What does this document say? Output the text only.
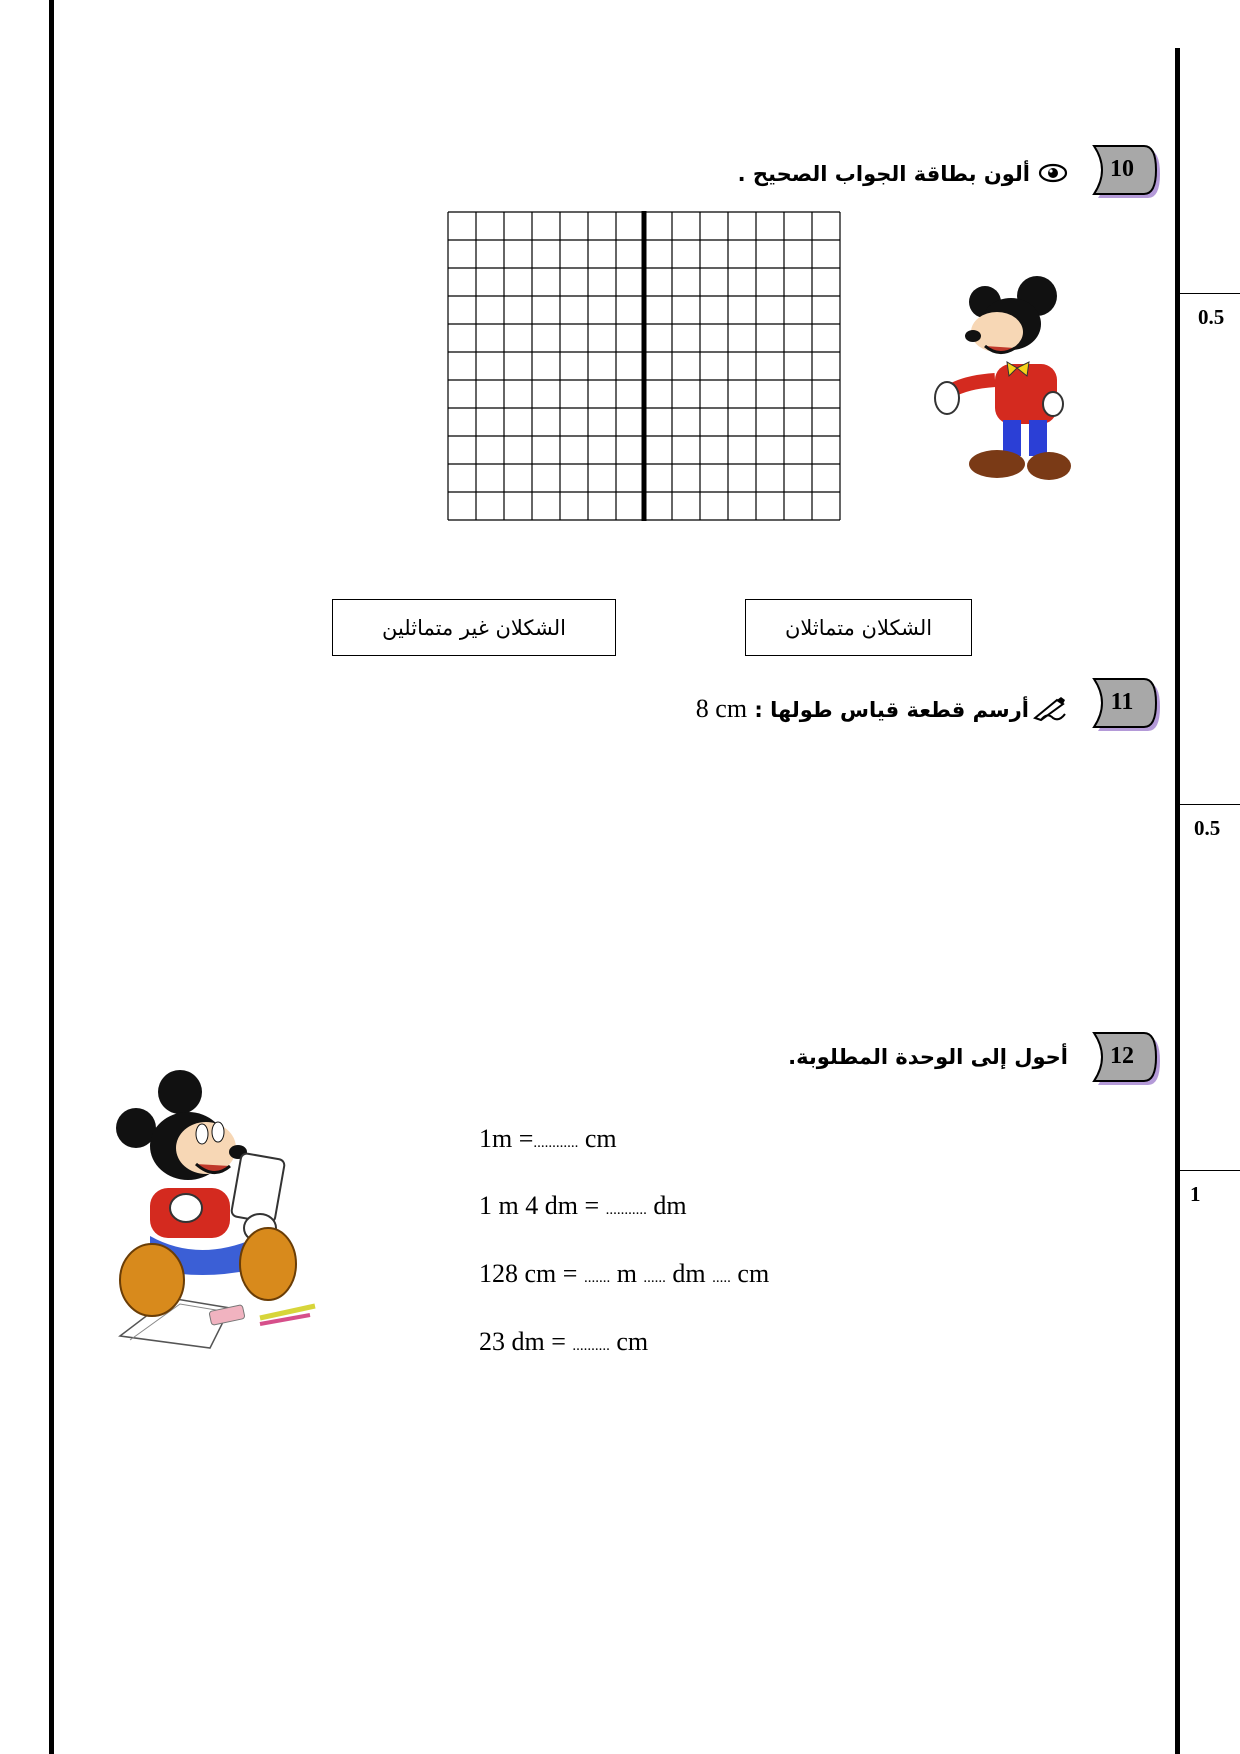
0.5
0.5
1
10
ألون بطاقة الجواب الصحيح .
الشكلان متماثلان
الشكلان غير متماثلين
11
أرسم قطعة قياس طولها : 8 cm
12
أحول إلى الوحدة المطلوبة.
1m =............ cm
1 m 4 dm = ........... dm
128 cm = ....... m ...... dm ..... cm
23 dm = .......... cm
